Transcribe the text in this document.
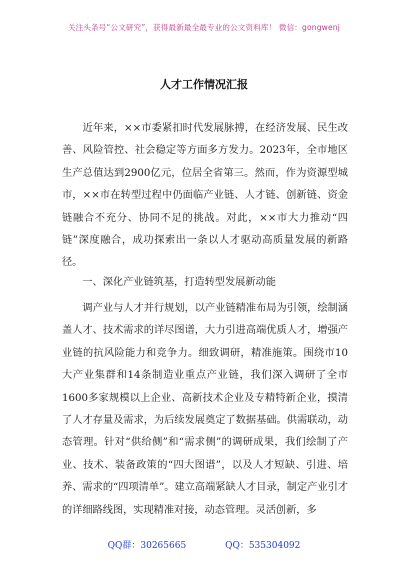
关注头条号“公文研究”，获得最新最全最专业的公文资料库！ 微信：gongwenj
人才工作情况汇报

　　近年来，××市委紧扣时代发展脉搏，在经济发展、民生改善、风险管控、社会稳定等方面多方发力。2023年，全市地区生产总值达到2900亿元，位居全省第三。然而，作为资源型城市，××市在转型过程中仍面临产业链、人才链、创新链、资金链融合不充分、协同不足的挑战。对此，××市大力推动“四链”深度融合，成功探索出一条以人才驱动高质量发展的新路径。

　　一、深化产业链筑基，打造转型发展新动能

　　调产业与人才并行规划，以产业链精准布局为引领，绘制涵盖人才、技术需求的详尽图谱，大力引进高端优质人才，增强产业链的抗风险能力和竞争力。细致调研，精准施策。围绕市10大产业集群和14条制造业重点产业链，我们深入调研了全市1600多家规模以上企业、高新技术企业及专精特新企业，摸清了人才存量及需求，为后续发展奠定了数据基础。供需联动，动态管理。针对“供给侧”和“需求侧”的调研成果，我们绘制了产业、技术、装备政策的“四大图谱”，以及人才短缺、引进、培养、需求的“四项清单”。建立高端紧缺人才目录，制定产业引才的详细路线图，实现精准对接，动态管理。灵活创新，多

QQ群：30265665	QQ：535304092
